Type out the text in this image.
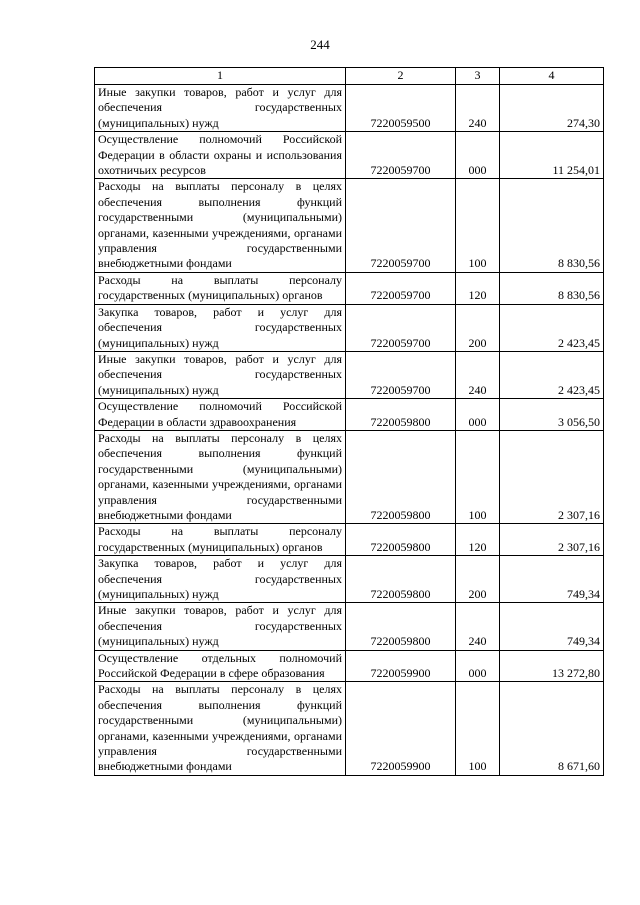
244
1	2	3	4
Иные закупки товаров, работ и услуг для обеспечения государственных (муниципальных) нужд	7220059500	240	274,30
Осуществление полномочий Российской Федерации в области охраны и использования охотничьих ресурсов	7220059700	000	11 254,01
Расходы на выплаты персоналу в целях обеспечения выполнения функций государственными (муниципальными) органами, казенными учреждениями, органами управления государственными внебюджетными фондами	7220059700	100	8 830,56
Расходы на выплаты персоналу государственных (муниципальных) органов	7220059700	120	8 830,56
Закупка товаров, работ и услуг для обеспечения государственных (муниципальных) нужд	7220059700	200	2 423,45
Иные закупки товаров, работ и услуг для обеспечения государственных (муниципальных) нужд	7220059700	240	2 423,45
Осуществление полномочий Российской Федерации в области здравоохранения	7220059800	000	3 056,50
Расходы на выплаты персоналу в целях обеспечения выполнения функций государственными (муниципальными) органами, казенными учреждениями, органами управления государственными внебюджетными фондами	7220059800	100	2 307,16
Расходы на выплаты персоналу государственных (муниципальных) органов	7220059800	120	2 307,16
Закупка товаров, работ и услуг для обеспечения государственных (муниципальных) нужд	7220059800	200	749,34
Иные закупки товаров, работ и услуг для обеспечения государственных (муниципальных) нужд	7220059800	240	749,34
Осуществление отдельных полномочий Российской Федерации в сфере образования	7220059900	000	13 272,80
Расходы на выплаты персоналу в целях обеспечения выполнения функций государственными (муниципальными) органами, казенными учреждениями, органами управления государственными внебюджетными фондами	7220059900	100	8 671,60
